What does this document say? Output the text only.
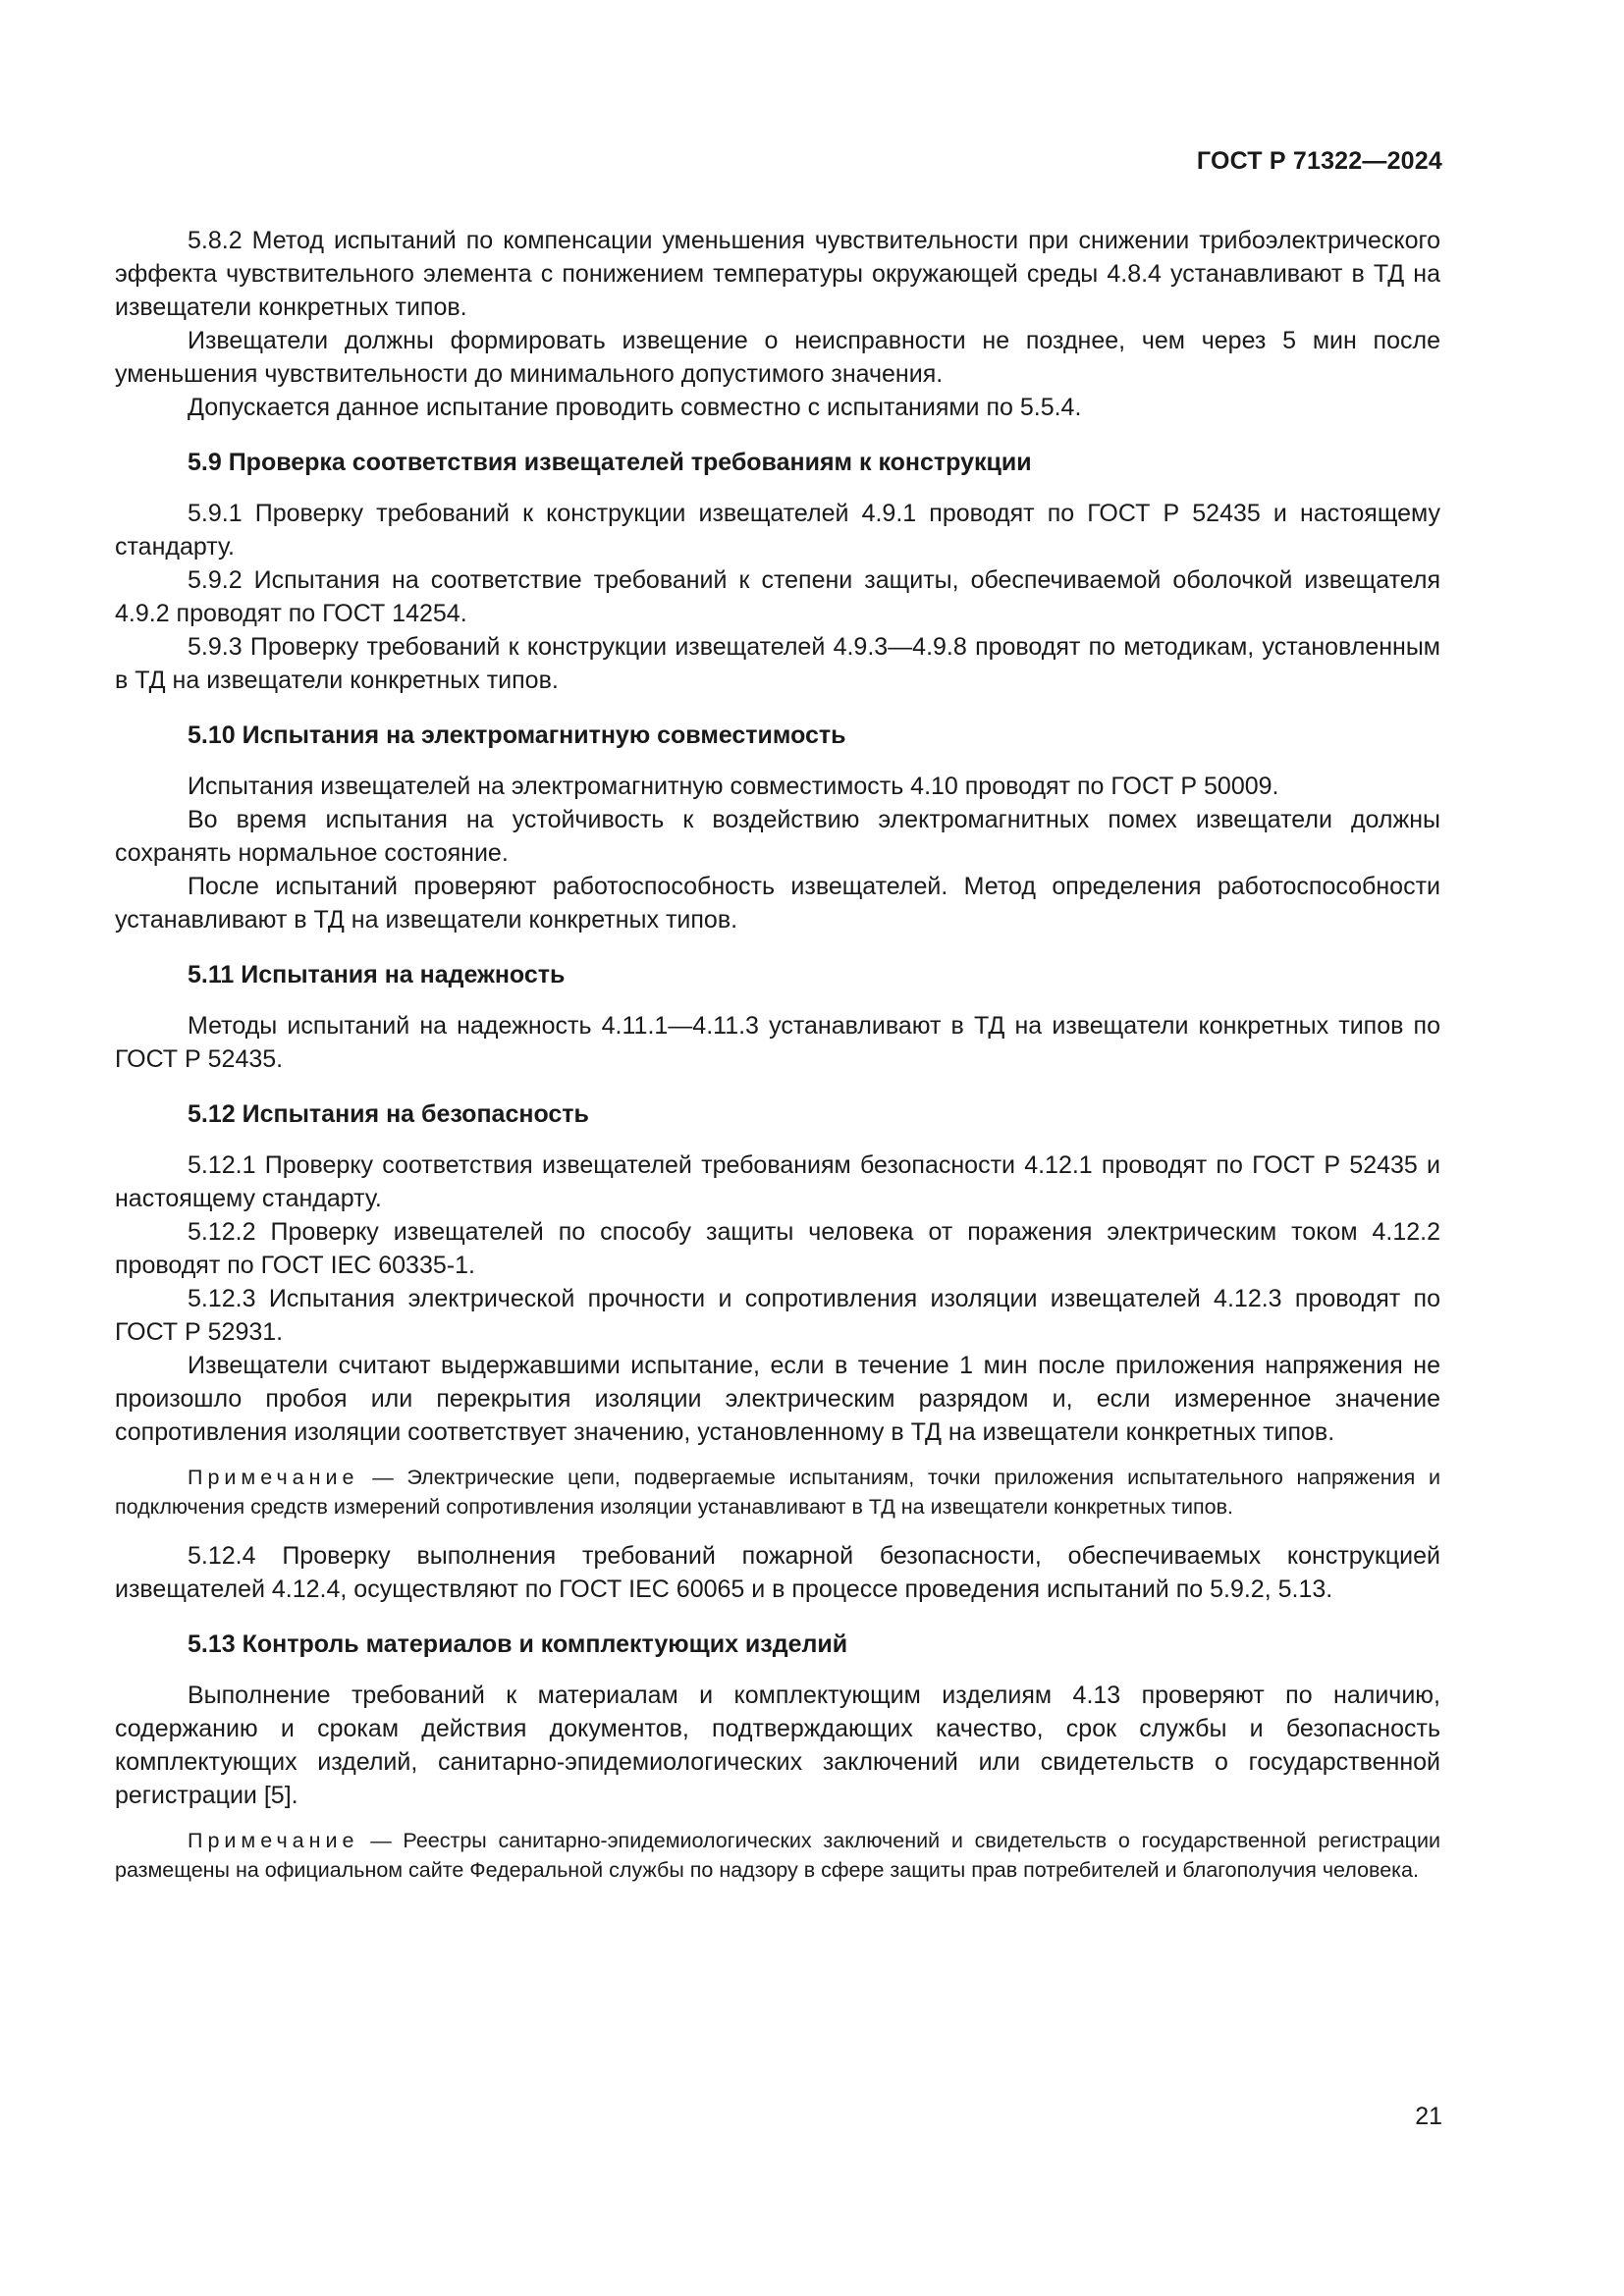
ГОСТ Р 71322—2024

5.8.2 Метод испытаний по компенсации уменьшения чувствительности при снижении трибоэлектрического эффекта чувствительного элемента с понижением температуры окружающей среды 4.8.4 устанавливают в ТД на извещатели конкретных типов.

Извещатели должны формировать извещение о неисправности не позднее, чем через 5 мин после уменьшения чувствительности до минимального допустимого значения.

Допускается данное испытание проводить совместно с испытаниями по 5.5.4.

5.9 Проверка соответствия извещателей требованиям к конструкции

5.9.1 Проверку требований к конструкции извещателей 4.9.1 проводят по ГОСТ Р 52435 и настоящему стандарту.

5.9.2 Испытания на соответствие требований к степени защиты, обеспечиваемой оболочкой извещателя 4.9.2 проводят по ГОСТ 14254.

5.9.3 Проверку требований к конструкции извещателей 4.9.3—4.9.8 проводят по методикам, установленным в ТД на извещатели конкретных типов.

5.10 Испытания на электромагнитную совместимость

Испытания извещателей на электромагнитную совместимость 4.10 проводят по ГОСТ Р 50009.

Во время испытания на устойчивость к воздействию электромагнитных помех извещатели должны сохранять нормальное состояние.

После испытаний проверяют работоспособность извещателей. Метод определения работоспособности устанавливают в ТД на извещатели конкретных типов.

5.11 Испытания на надежность

Методы испытаний на надежность 4.11.1—4.11.3 устанавливают в ТД на извещатели конкретных типов по ГОСТ Р 52435.

5.12 Испытания на безопасность

5.12.1 Проверку соответствия извещателей требованиям безопасности 4.12.1 проводят по ГОСТ Р 52435 и настоящему стандарту.

5.12.2 Проверку извещателей по способу защиты человека от поражения электрическим током 4.12.2 проводят по ГОСТ IEC 60335-1.

5.12.3 Испытания электрической прочности и сопротивления изоляции извещателей 4.12.3 проводят по ГОСТ Р 52931.

Извещатели считают выдержавшими испытание, если в течение 1 мин после приложения напряжения не произошло пробоя или перекрытия изоляции электрическим разрядом и, если измеренное значение сопротивления изоляции соответствует значению, установленному в ТД на извещатели конкретных типов.

Примечание — Электрические цепи, подвергаемые испытаниям, точки приложения испытательного напряжения и подключения средств измерений сопротивления изоляции устанавливают в ТД на извещатели конкретных типов.

5.12.4 Проверку выполнения требований пожарной безопасности, обеспечиваемых конструкцией извещателей 4.12.4, осуществляют по ГОСТ IEC 60065 и в процессе проведения испытаний по 5.9.2, 5.13.

5.13 Контроль материалов и комплектующих изделий

Выполнение требований к материалам и комплектующим изделиям 4.13 проверяют по наличию, содержанию и срокам действия документов, подтверждающих качество, срок службы и безопасность комплектующих изделий, санитарно-эпидемиологических заключений или свидетельств о государственной регистрации [5].

Примечание — Реестры санитарно-эпидемиологических заключений и свидетельств о государственной регистрации размещены на официальном сайте Федеральной службы по надзору в сфере защиты прав потребителей и благополучия человека.

21
